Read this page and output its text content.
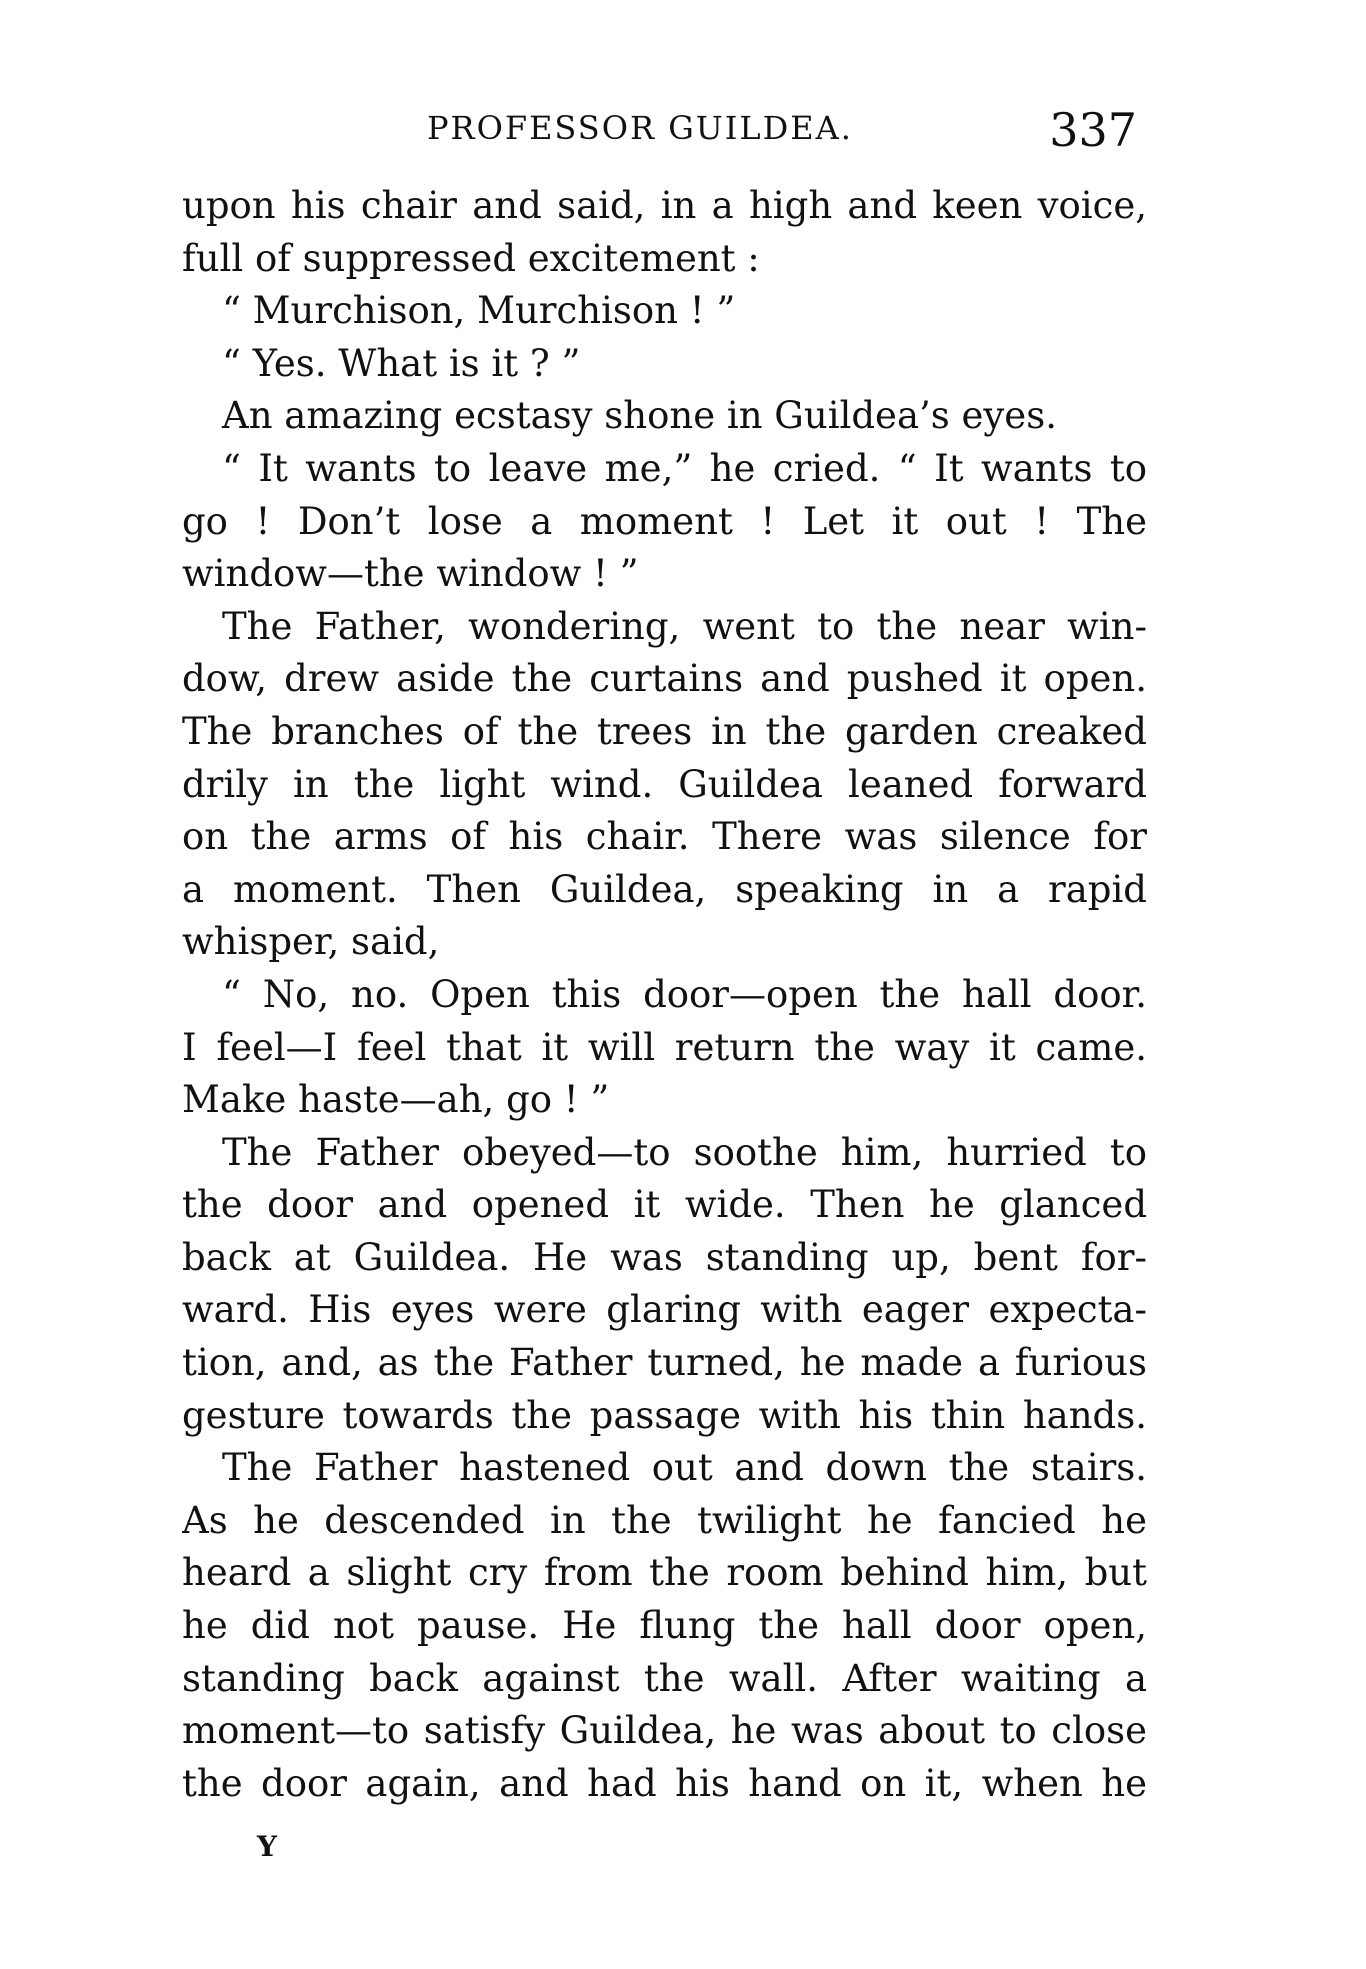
PROFESSOR GUILDEA.	337
upon his chair and said, in a high and keen voice,
full of suppressed excitement :
“ Murchison, Murchison ! ”
“ Yes. What is it ? ”
An amazing ecstasy shone in Guildea’s eyes.
“ It wants to leave me,” he cried. “ It wants to
go ! Don’t lose a moment ! Let it out ! The
window—the window ! ”
The Father, wondering, went to the near win-
dow, drew aside the curtains and pushed it open.
The branches of the trees in the garden creaked
drily in the light wind. Guildea leaned forward
on the arms of his chair. There was silence for
a moment. Then Guildea, speaking in a rapid
whisper, said,
“ No, no. Open this door—open the hall door.
I feel—I feel that it will return the way it came.
Make haste—ah, go ! ”
The Father obeyed—to soothe him, hurried to
the door and opened it wide. Then he glanced
back at Guildea. He was standing up, bent for-
ward. His eyes were glaring with eager expecta-
tion, and, as the Father turned, he made a furious
gesture towards the passage with his thin hands.
The Father hastened out and down the stairs.
As he descended in the twilight he fancied he
heard a slight cry from the room behind him, but
he did not pause. He flung the hall door open,
standing back against the wall. After waiting a
moment—to satisfy Guildea, he was about to close
the door again, and had his hand on it, when he
Y
